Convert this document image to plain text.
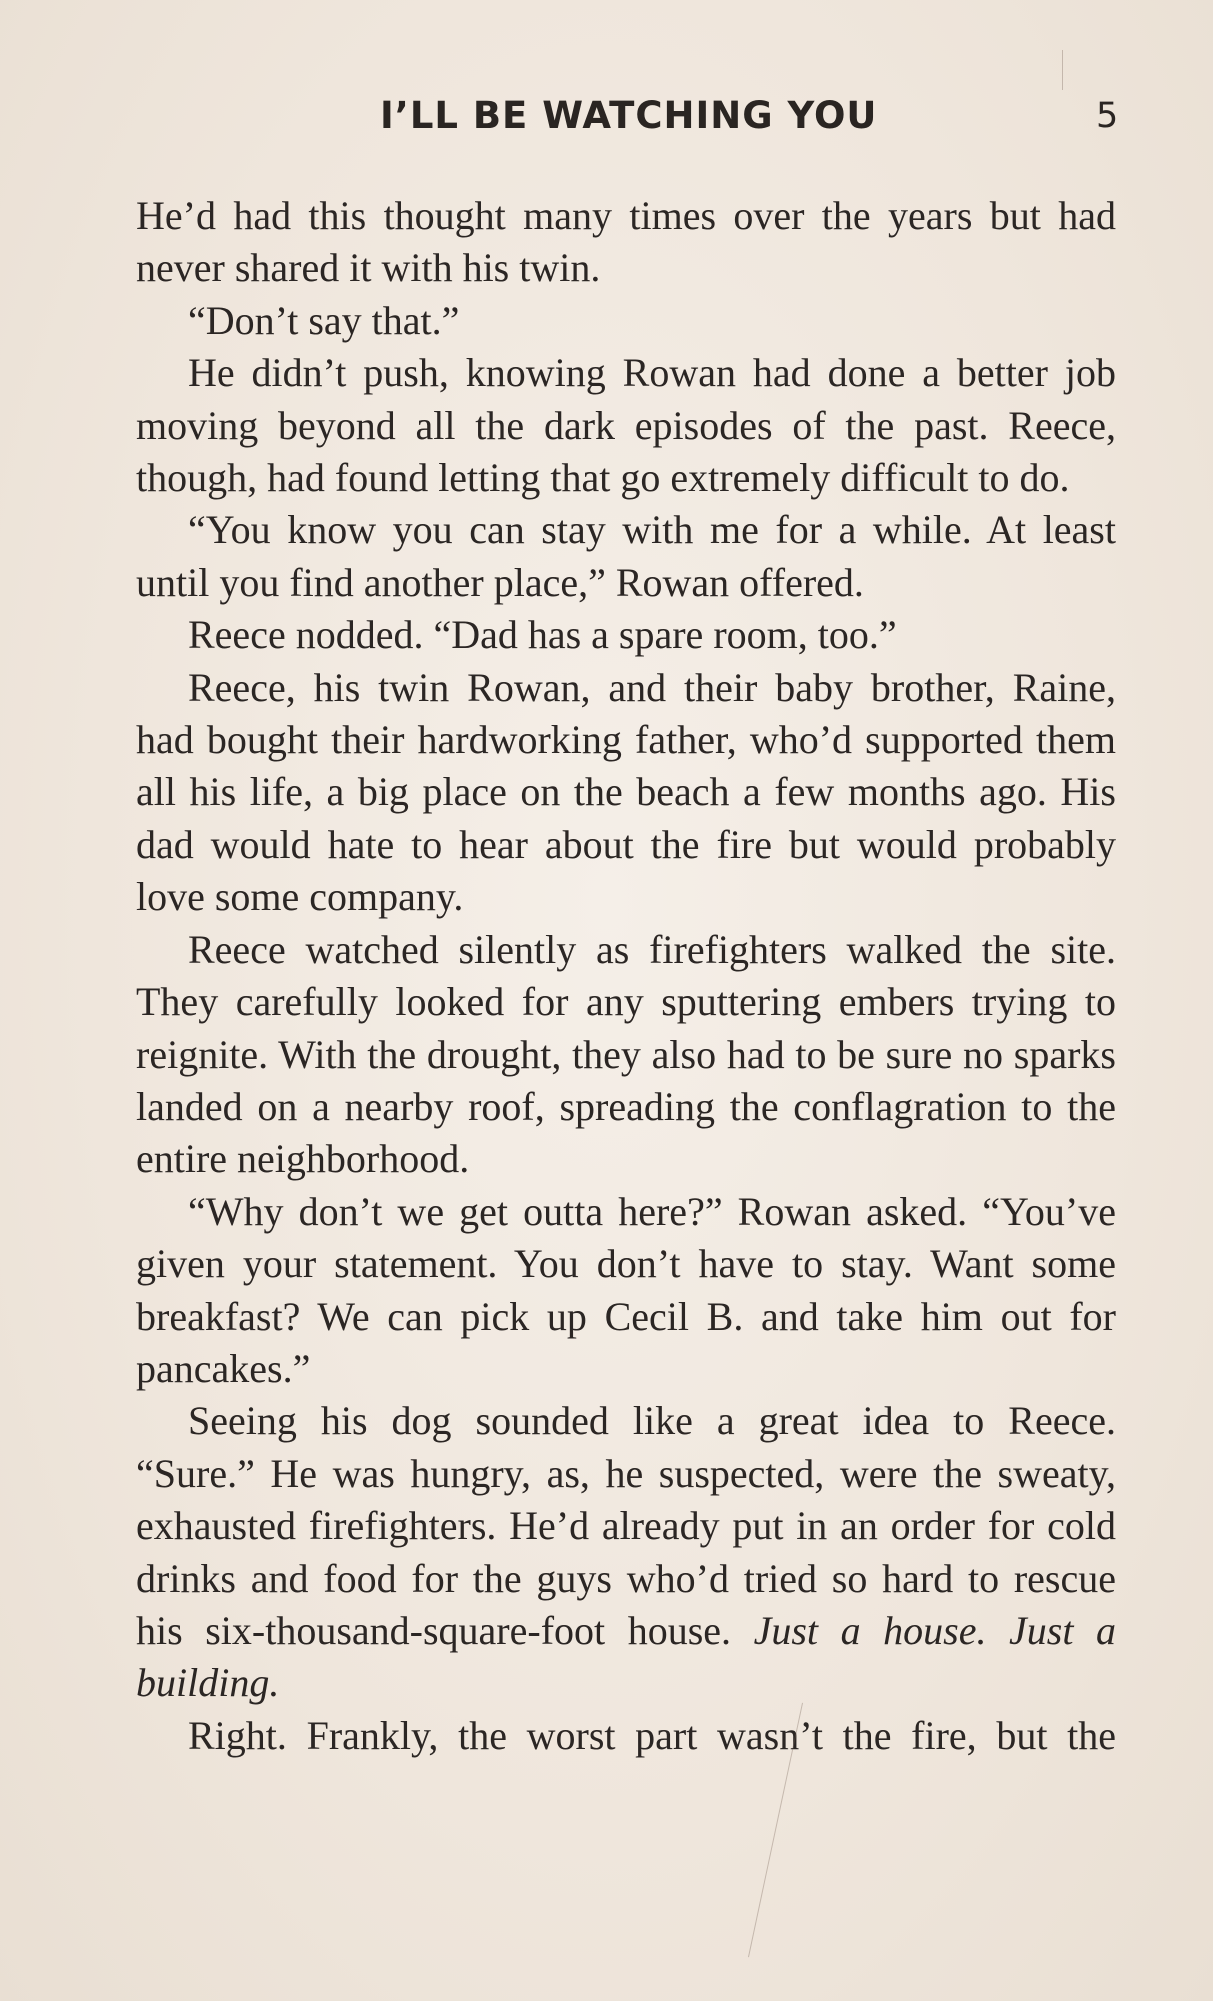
I’LL BE WATCHING YOU	5

He’d had this thought many times over the years but had never shared it with his twin.

“Don’t say that.”

He didn’t push, knowing Rowan had done a better job moving beyond all the dark episodes of the past. Reece, though, had found letting that go extremely difficult to do.

“You know you can stay with me for a while. At least until you find another place,” Rowan offered.

Reece nodded. “Dad has a spare room, too.”

Reece, his twin Rowan, and their baby brother, Raine, had bought their hardworking father, who’d supported them all his life, a big place on the beach a few months ago. His dad would hate to hear about the fire but would probably love some company.

Reece watched silently as firefighters walked the site. They carefully looked for any sputtering embers trying to reignite. With the drought, they also had to be sure no sparks landed on a nearby roof, spreading the conflagration to the entire neighborhood.

“Why don’t we get outta here?” Rowan asked. “You’ve given your statement. You don’t have to stay. Want some breakfast? We can pick up Cecil B. and take him out for pancakes.”

Seeing his dog sounded like a great idea to Reece. “Sure.” He was hungry, as, he suspected, were the sweaty, exhausted firefighters. He’d already put in an order for cold drinks and food for the guys who’d tried so hard to rescue his six-thousand-square-foot house. Just a house. Just a building.

Right. Frankly, the worst part wasn’t the fire, but the
